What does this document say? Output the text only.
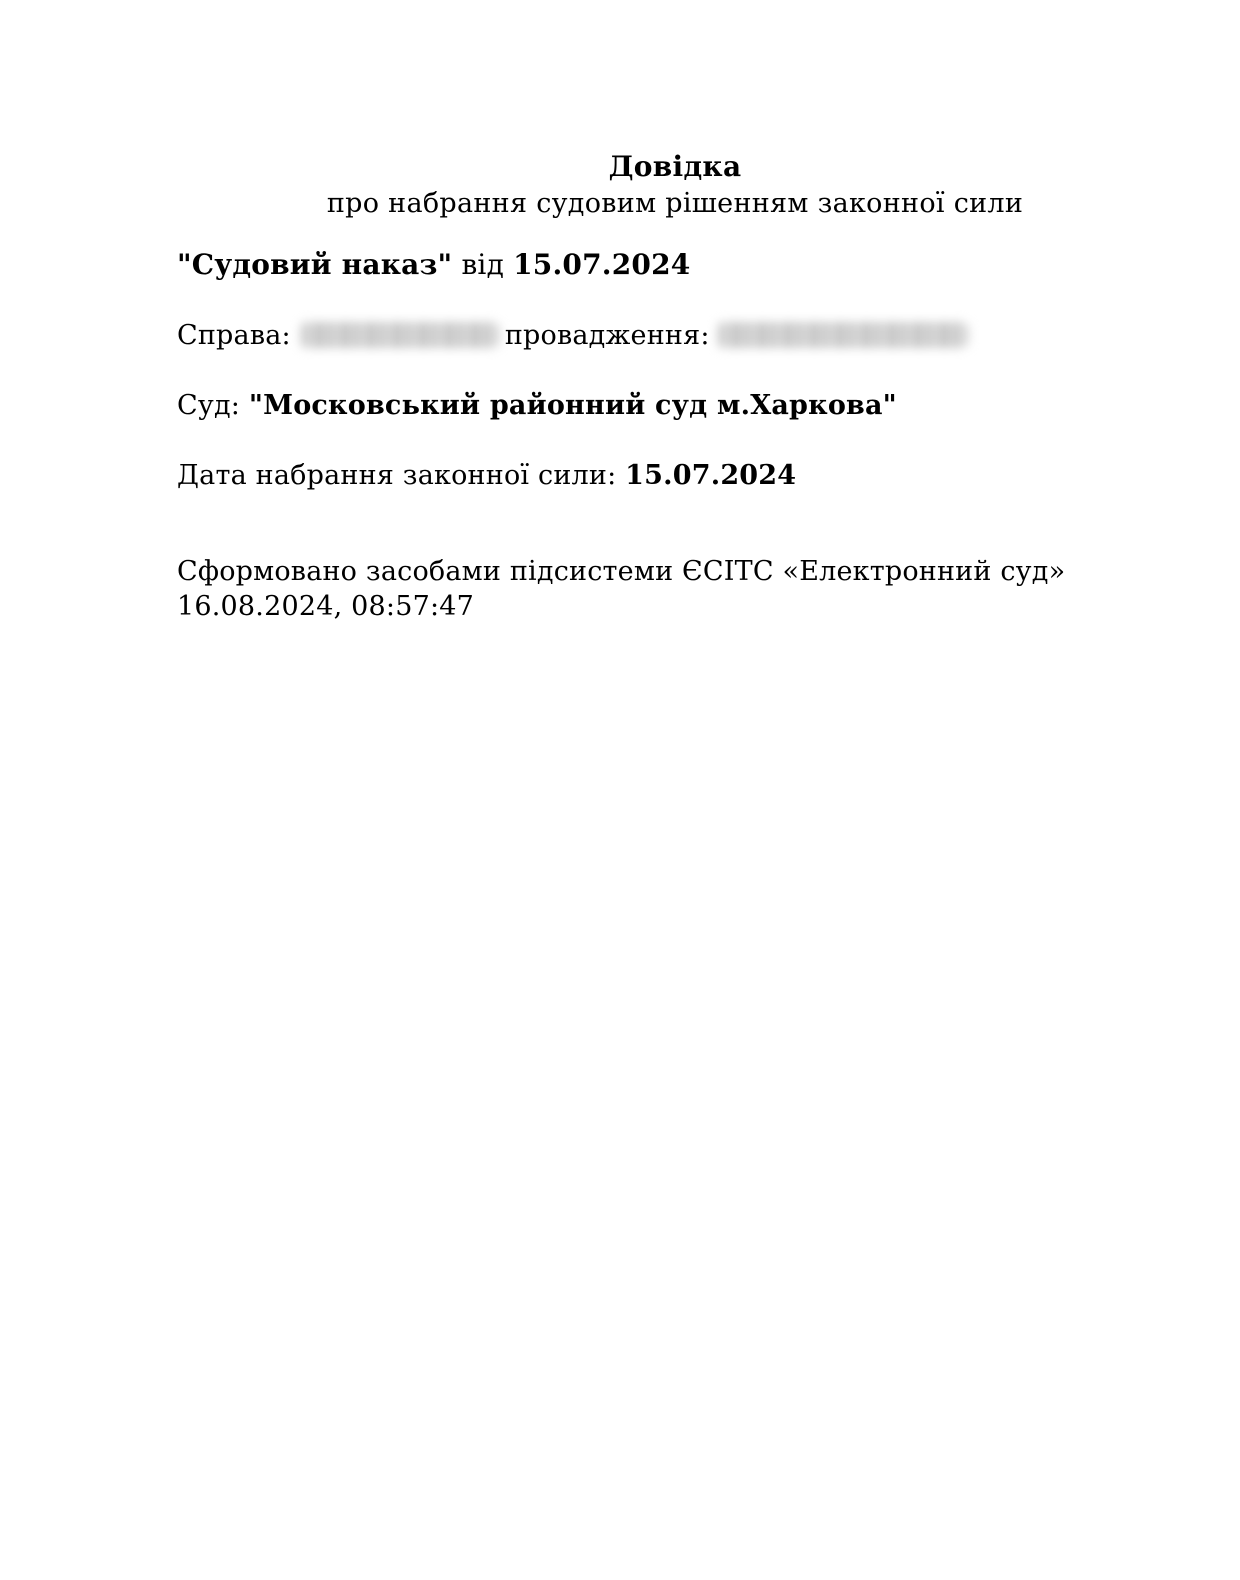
Довідка
про набрання судовим рішенням законної сили
"Судовий наказ" від 15.07.2024
Справа:	провадження:
Суд: "Московський районний суд м.Харкова"
Дата набрання законної сили: 15.07.2024
Сформовано засобами підсистеми ЄСІТС «Електронний суд»
16.08.2024, 08:57:47
